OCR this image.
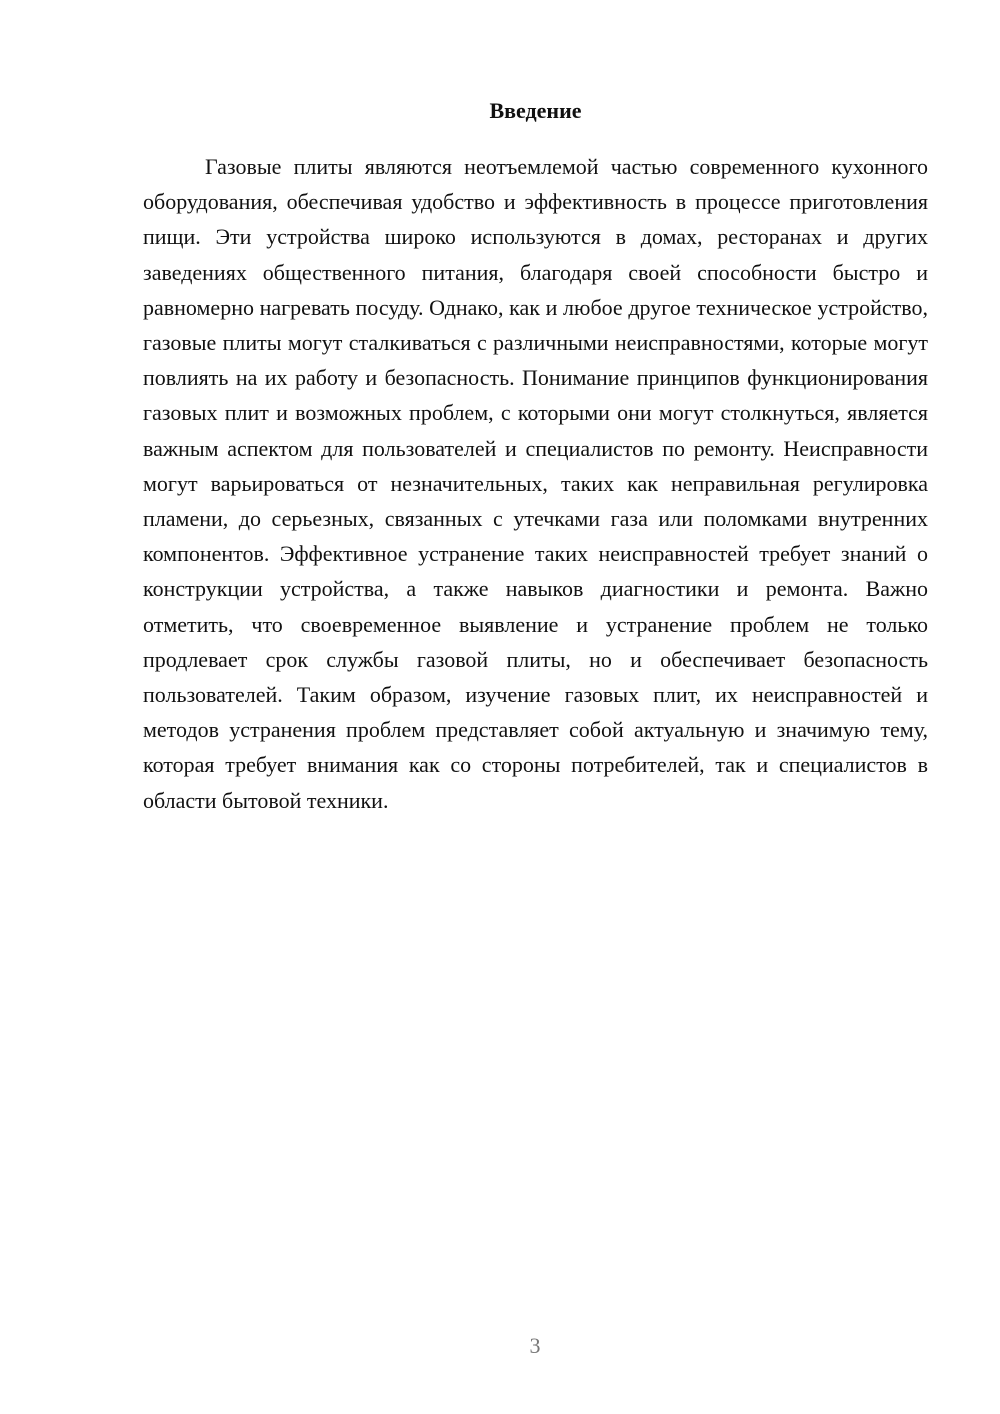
Введение

Газовые плиты являются неотъемлемой частью современного кухонного оборудования, обеспечивая удобство и эффективность в процессе приготовления пищи. Эти устройства широко используются в домах, ресторанах и других заведениях общественного питания, благодаря своей способности быстро и равномерно нагревать посуду. Однако, как и любое другое техническое устройство, газовые плиты могут сталкиваться с различными неисправностями, которые могут повлиять на их работу и безопасность. Понимание принципов функционирования газовых плит и возможных проблем, с которыми они могут столкнуться, является важным аспектом для пользователей и специалистов по ремонту. Неисправности могут варьироваться от незначительных, таких как неправильная регулировка пламени, до серьезных, связанных с утечками газа или поломками внутренних компонентов. Эффективное устранение таких неисправностей требует знаний о конструкции устройства, а также навыков диагностики и ремонта. Важно отметить, что своевременное выявление и устранение проблем не только продлевает срок службы газовой плиты, но и обеспечивает безопасность пользователей. Таким образом, изучение газовых плит, их неисправностей и методов устранения проблем представляет собой актуальную и значимую тему, которая требует внимания как со стороны потребителей, так и специалистов в области бытовой техники.

3
